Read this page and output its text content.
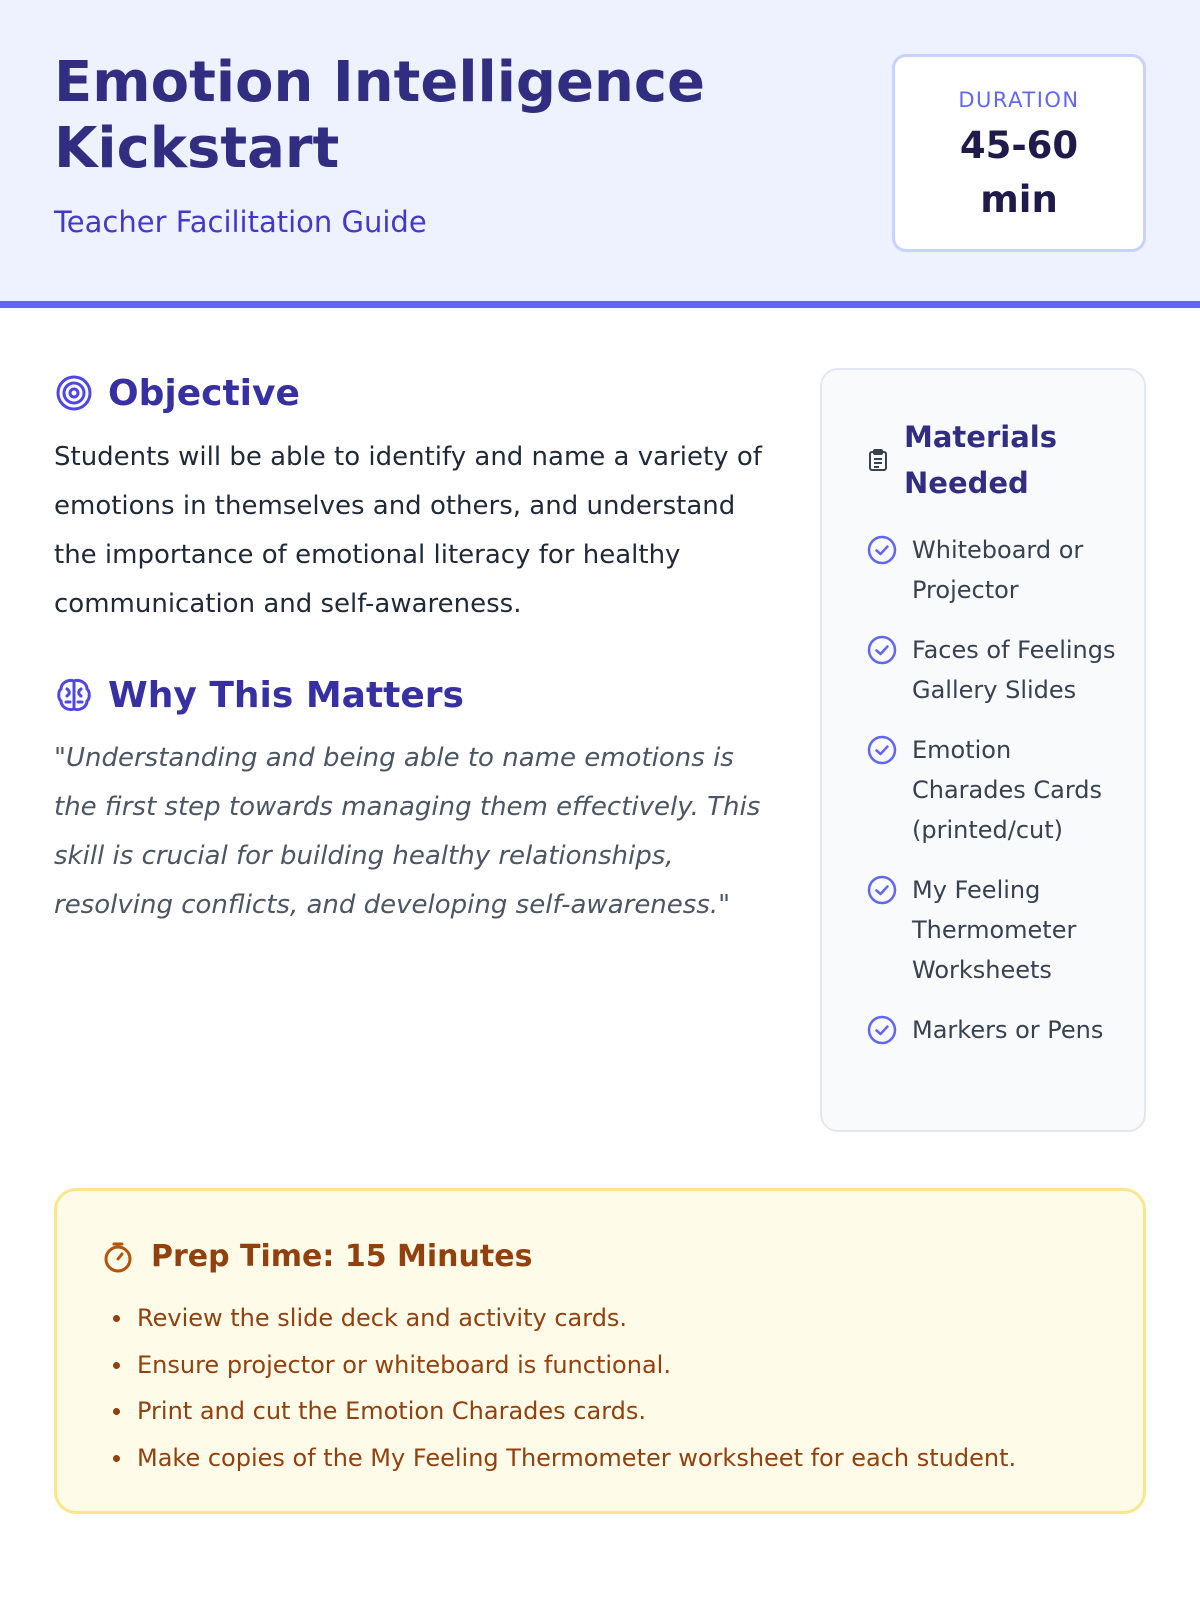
Emotion Intelligence Kickstart
Teacher Facilitation Guide
DURATION
45-60 min
Objective

Students will be able to identify and name a variety of emotions in themselves and others, and understand the importance of emotional literacy for healthy communication and self-awareness.

Why This Matters

"Understanding and being able to name emotions is the first step towards managing them effectively. This skill is crucial for building healthy relationships, resolving conflicts, and developing self-awareness."

Materials Needed
Whiteboard or Projector
Faces of Feelings Gallery Slides
Emotion Charades Cards (printed/cut)
My Feeling Thermometer Worksheets
Markers or Pens
Prep Time: 15 Minutes
Review the slide deck and activity cards.
Ensure projector or whiteboard is functional.
Print and cut the Emotion Charades cards.
Make copies of the My Feeling Thermometer worksheet for each student.
